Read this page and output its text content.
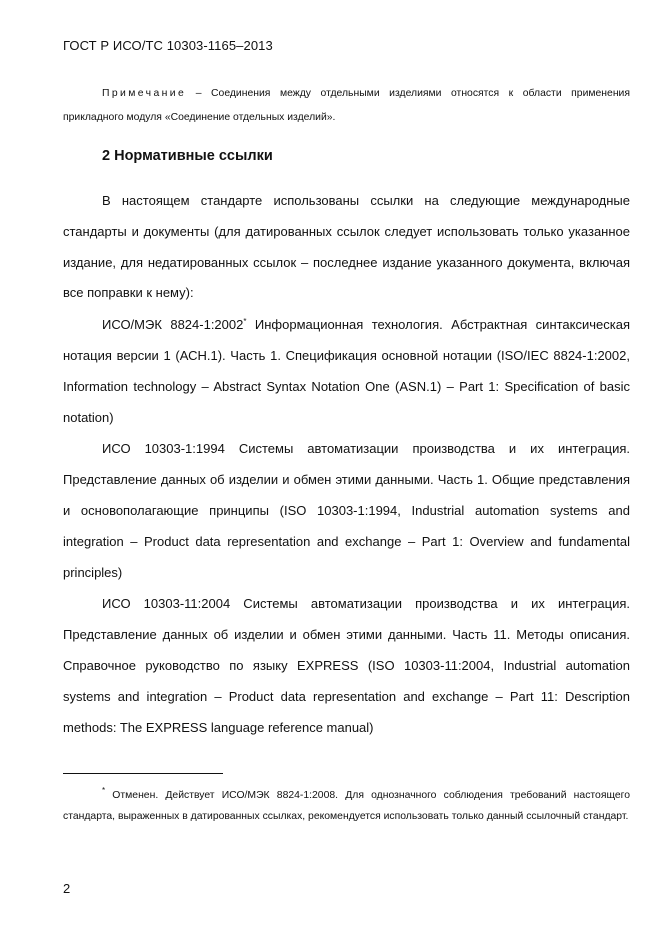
ГОСТ Р ИСО/ТС 10303-1165–2013
Примечание – Соединения между отдельными изделиями относятся к области применения прикладного модуля «Соединение отдельных изделий».
2 Нормативные ссылки

В настоящем стандарте использованы ссылки на следующие международные стандарты и документы (для датированных ссылок следует использовать только указанное издание, для недатированных ссылок – последнее издание указанного документа, включая все поправки к нему):

ИСО/МЭК 8824-1:2002* Информационная технология. Абстрактная синтаксическая нотация версии 1 (АСН.1). Часть 1. Спецификация основной нотации (ISO/IEC 8824-1:2002, Information technology – Abstract Syntax Notation One (ASN.1) – Part 1: Specification of basic notation)

ИСО 10303-1:1994 Системы автоматизации производства и их интеграция. Представление данных об изделии и обмен этими данными. Часть 1. Общие представления и основополагающие принципы (ISO 10303-1:1994, Industrial automation systems and integration – Product data representation and exchange – Part 1: Overview and fundamental principles)

ИСО 10303-11:2004 Системы автоматизации производства и их интеграция. Представление данных об изделии и обмен этими данными. Часть 11. Методы описания. Справочное руководство по языку EXPRESS (ISO 10303-11:2004, Industrial automation systems and integration – Product data representation and exchange – Part 11: Description methods: The EXPRESS language reference manual)

* Отменен. Действует ИСО/МЭК 8824-1:2008. Для однозначного соблюдения требований настоящего стандарта, выраженных в датированных ссылках, рекомендуется использовать только данный ссылочный стандарт.

2
